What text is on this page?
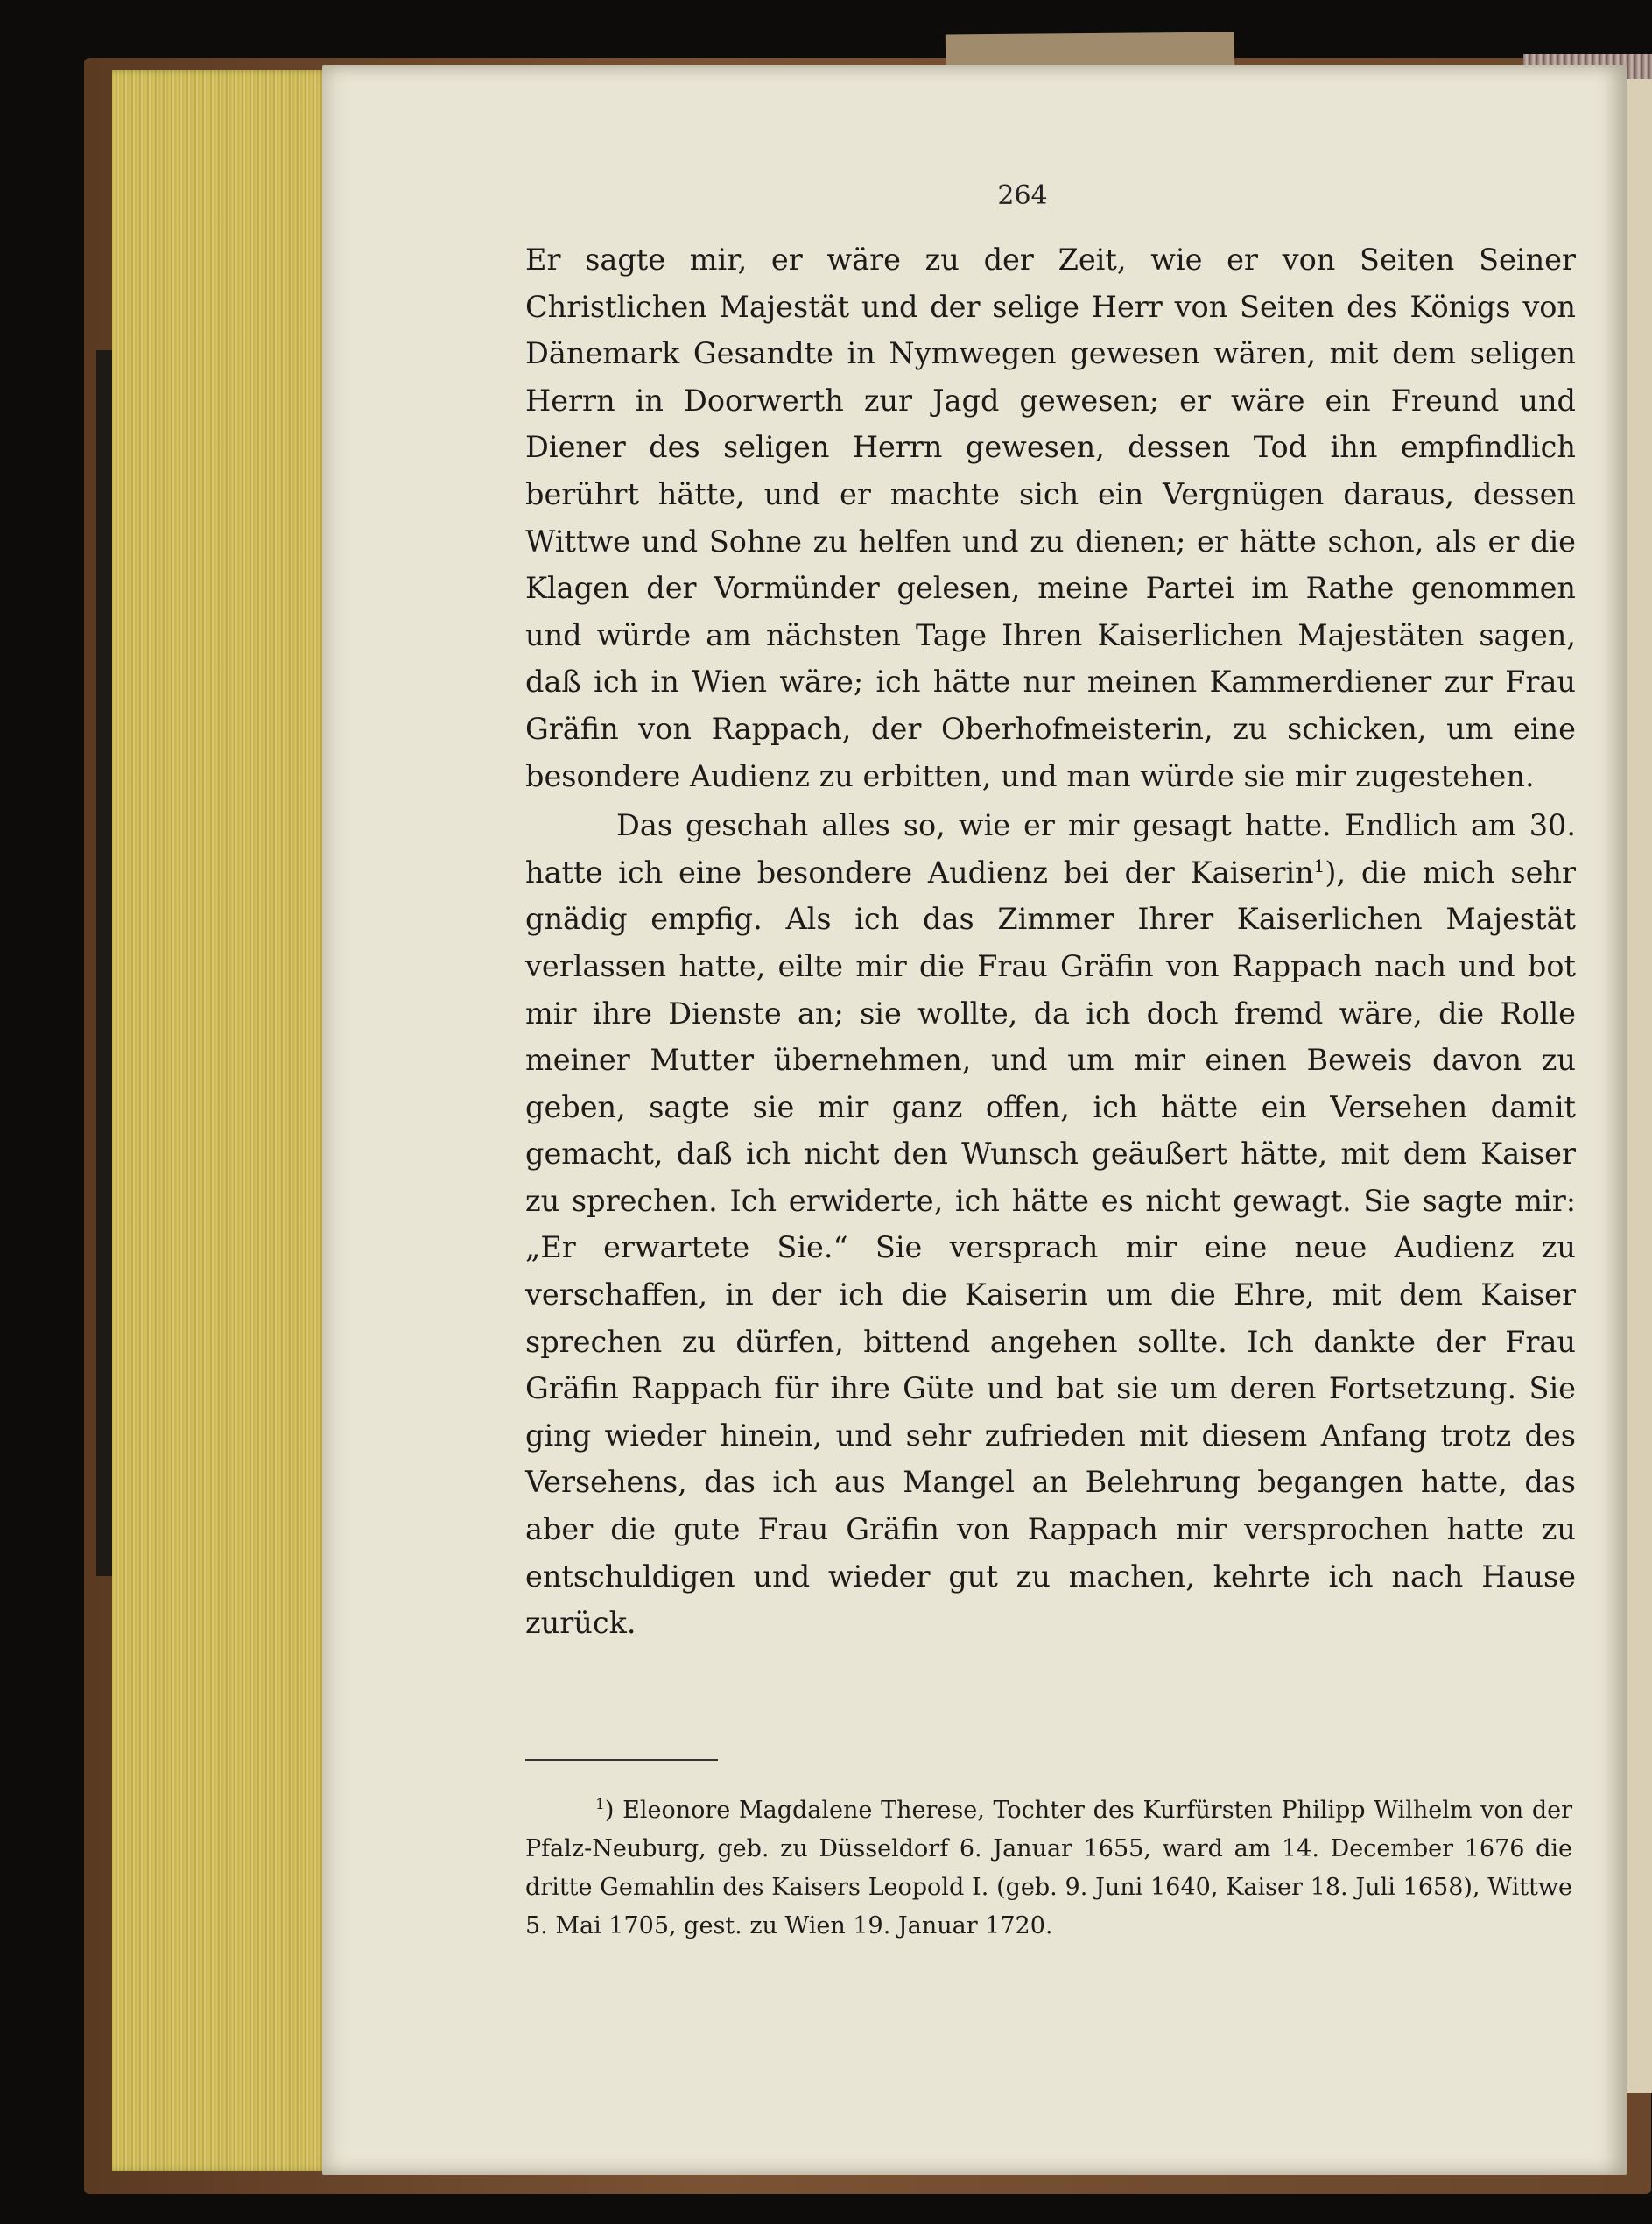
264

Er sagte mir, er wäre zu der Zeit, wie er von Seiten Seiner Christlichen Majestät und der selige Herr von Seiten des Königs von Dänemark Gesandte in Nymwegen gewesen wären, mit dem seligen Herrn in Doorwerth zur Jagd gewesen; er wäre ein Freund und Diener des seligen Herrn gewesen, dessen Tod ihn empfindlich berührt hätte, und er machte sich ein Vergnügen daraus, dessen Wittwe und Sohne zu helfen und zu dienen; er hätte schon, als er die Klagen der Vormünder gelesen, meine Partei im Rathe genommen und würde am nächsten Tage Ihren Kaiserlichen Majestäten sagen, daß ich in Wien wäre; ich hätte nur meinen Kammerdiener zur Frau Gräfin von Rappach, der Oberhofmeisterin, zu schicken, um eine besondere Audienz zu erbitten, und man würde sie mir zugestehen.

Das geschah alles so, wie er mir gesagt hatte. Endlich am 30. hatte ich eine besondere Audienz bei der Kaiserin$^1$), die mich sehr gnädig empfig. Als ich das Zimmer Ihrer Kaiserlichen Majestät verlassen hatte, eilte mir die Frau Gräfin von Rappach nach und bot mir ihre Dienste an; sie wollte, da ich doch fremd wäre, die Rolle meiner Mutter übernehmen, und um mir einen Beweis davon zu geben, sagte sie mir ganz offen, ich hätte ein Versehen damit gemacht, daß ich nicht den Wunsch geäußert hätte, mit dem Kaiser zu sprechen. Ich erwiderte, ich hätte es nicht gewagt. Sie sagte mir: „Er erwartete Sie.“ Sie versprach mir eine neue Audienz zu verschaffen, in der ich die Kaiserin um die Ehre, mit dem Kaiser sprechen zu dürfen, bittend angehen sollte. Ich dankte der Frau Gräfin Rappach für ihre Güte und bat sie um deren Fortsetzung. Sie ging wieder hinein, und sehr zufrieden mit diesem Anfang trotz des Versehens, das ich aus Mangel an Belehrung begangen hatte, das aber die gute Frau Gräfin von Rappach mir versprochen hatte zu entschuldigen und wieder gut zu machen, kehrte ich nach Hause zurück.

$^1$) Eleonore Magdalene Therese, Tochter des Kurfürsten Philipp Wilhelm von der Pfalz-Neuburg, geb. zu Düsseldorf 6. Januar 1655, ward am 14. December 1676 die dritte Gemahlin des Kaisers Leopold I. (geb. 9. Juni 1640, Kaiser 18. Juli 1658), Wittwe 5. Mai 1705, gest. zu Wien 19. Januar 1720.
